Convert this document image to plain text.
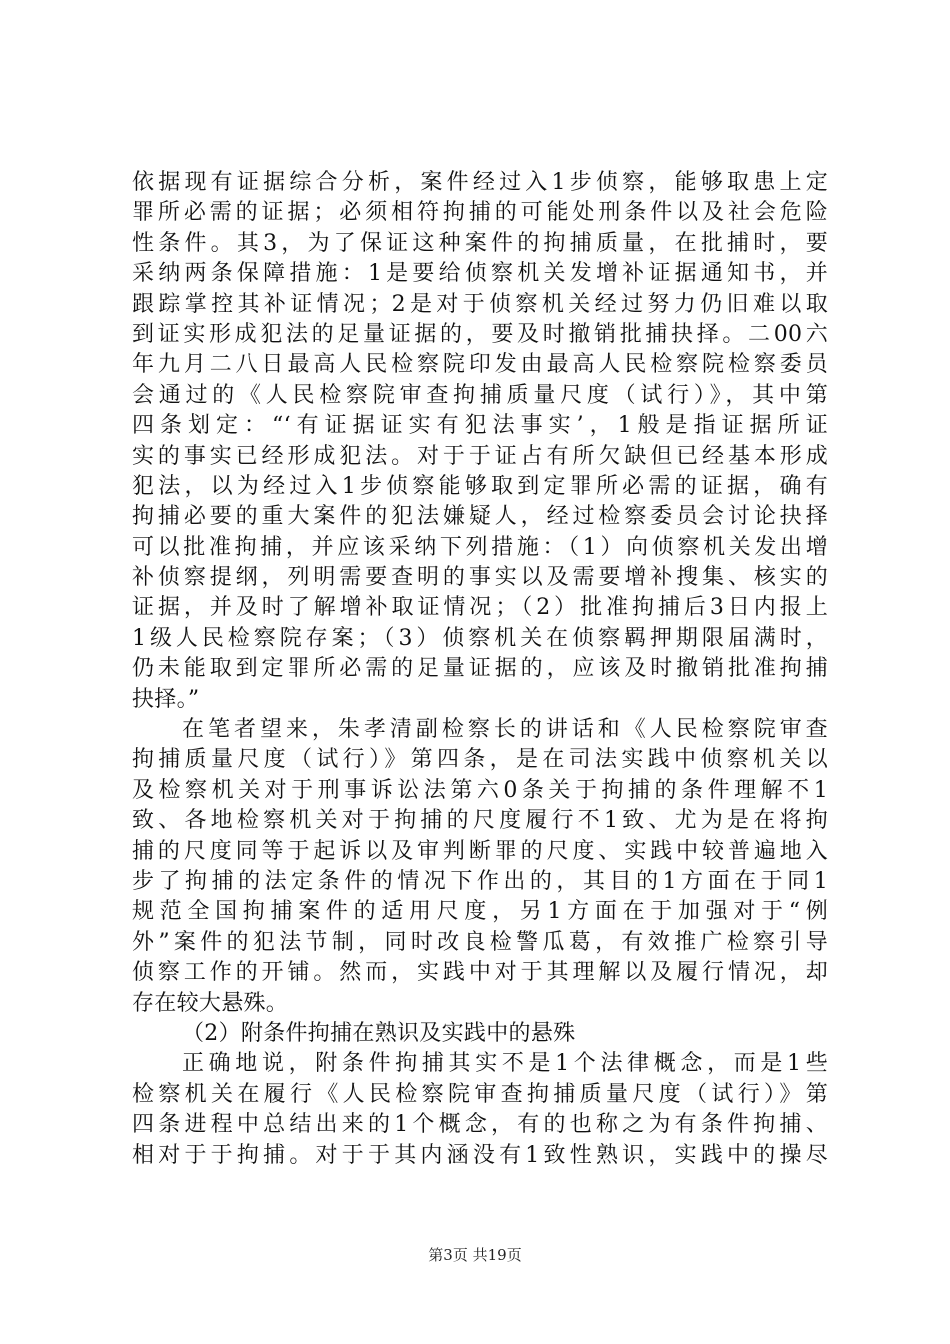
依据现有证据综合分析，案件经过入1步侦察，能够取患上定
罪所必需的证据；必须相符拘捕的可能处刑条件以及社会危险
性条件。其3，为了保证这种案件的拘捕质量，在批捕时，要
采纳两条保障措施：1是要给侦察机关发增补证据通知书，并
跟踪掌控其补证情况；2是对于侦察机关经过努力仍旧难以取
到证实形成犯法的足量证据的，要及时撤销批捕抉择。二00六
年九月二八日最高人民检察院印发由最高人民检察院检察委员
会通过的《人民检察院审查拘捕质量尺度（试行）》，其中第
四条划定：“‘有证据证实有犯法事实’，1般是指证据所证
实的事实已经形成犯法。对于于证占有所欠缺但已经基本形成
犯法，以为经过入1步侦察能够取到定罪所必需的证据，确有
拘捕必要的重大案件的犯法嫌疑人，经过检察委员会讨论抉择
可以批准拘捕，并应该采纳下列措施：（1）向侦察机关发出增
补侦察提纲，列明需要查明的事实以及需要增补搜集、核实的
证据，并及时了解增补取证情况；（2）批准拘捕后3日内报上
1级人民检察院存案；（3）侦察机关在侦察羁押期限届满时，
仍未能取到定罪所必需的足量证据的，应该及时撤销批准拘捕
抉择。”
在笔者望来，朱孝清副检察长的讲话和《人民检察院审查
拘捕质量尺度（试行）》第四条，是在司法实践中侦察机关以
及检察机关对于刑事诉讼法第六0条关于拘捕的条件理解不1
致、各地检察机关对于拘捕的尺度履行不1致、尤为是在将拘
捕的尺度同等于起诉以及审判断罪的尺度、实践中较普遍地入
步了拘捕的法定条件的情况下作出的，其目的1方面在于同1
规范全国拘捕案件的适用尺度，另1方面在于加强对于“例
外”案件的犯法节制，同时改良检警瓜葛，有效推广检察引导
侦察工作的开铺。然而，实践中对于其理解以及履行情况，却
存在较大悬殊。
（2）附条件拘捕在熟识及实践中的悬殊
正确地说，附条件拘捕其实不是1个法律概念，而是1些
检察机关在履行《人民检察院审查拘捕质量尺度（试行）》第
四条进程中总结出来的1个概念，有的也称之为有条件拘捕、
相对于于拘捕。对于于其内涵没有1致性熟识，实践中的操尽
第3页 共19页
